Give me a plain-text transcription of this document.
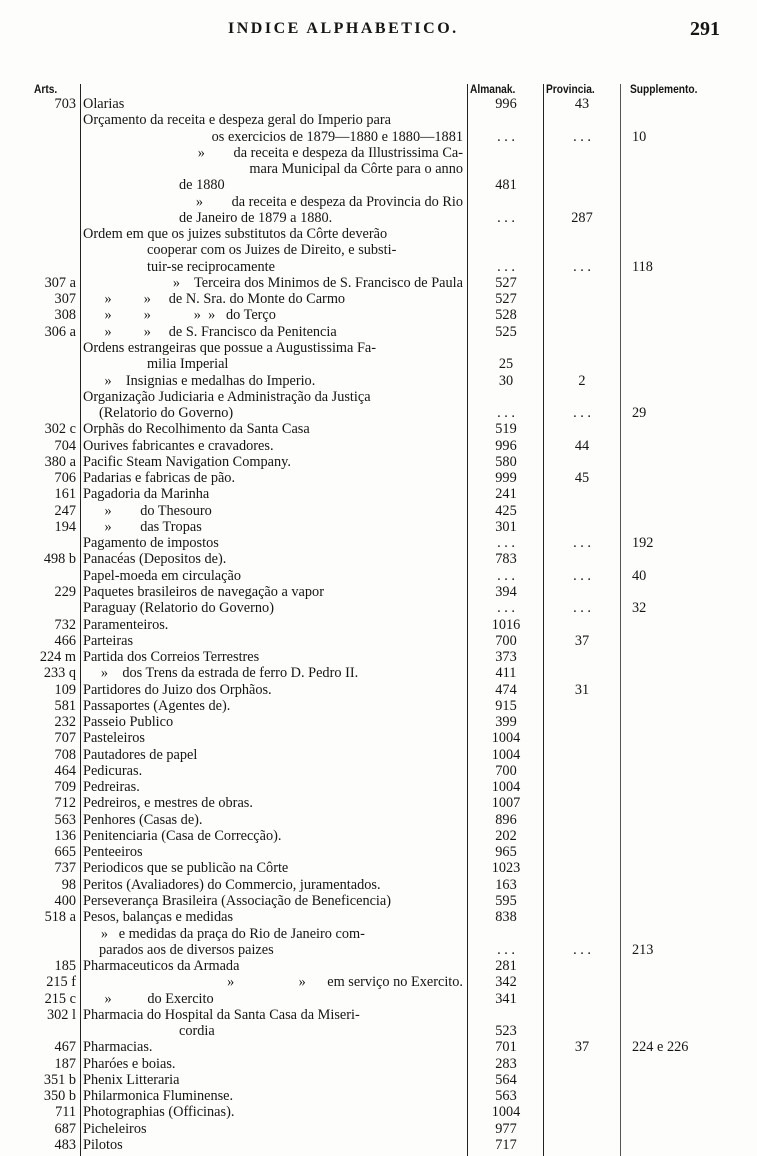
INDICE ALPHABETICO.	291
Arts.	Almanak.	Provincia.	Supplemento.
703 Olarias	996	43
Orçamento da receita e despeza geral do Imperio para
os exercicios de 1879—1880 e 1880—1881	. . .	. . .	10
»        da receita e despeza da Illustrissima Ca-
mara Municipal da Côrte para o anno
de 1880	481
»        da receita e despeza da Provincia do Rio
de Janeiro de 1879 a 1880.	. . .	287
Ordem em que os juizes substitutos da Côrte deverão
cooperar com os Juizes de Direito, e substi-
tuir-se reciprocamente	. . .	. . .	118
307 a	»    Terceira dos Minimos de S. Francisco de Paula	527
307 »         »     de N. Sra. do Monte do Carmo	527
308 »         »            »  »   do Terço	528
306 a »         »     de S. Francisco da Penitencia	525
Ordens estrangeiras que possue a Augustissima Fa-
milia Imperial	25
»    Insignias e medalhas do Imperio.	30	2
Organização Judiciaria e Administração da Justiça
(Relatorio do Governo)	. . .	. . .	29
302 c Orphãs do Recolhimento da Santa Casa	519
704 Ourives fabricantes e cravadores.	996	44
380 a Pacific Steam Navigation Company.	580
706 Padarias e fabricas de pão.	999	45
161 Pagadoria da Marinha	241
247 »        do Thesouro	425
194 »        das Tropas	301
Pagamento de impostos	. . .	. . .	192
498 b Panacéas (Depositos de).	783
Papel-moeda em circulação	. . .	. . .	40
229 Paquetes brasileiros de navegação a vapor	394
Paraguay (Relatorio do Governo)	. . .	. . .	32
732 Paramenteiros.	1016
466 Parteiras	700	37
224 m Partida dos Correios Terrestres	373
233 q »    dos Trens da estrada de ferro D. Pedro II.	411
109 Partidores do Juizo dos Orphãos.	474	31
581 Passaportes (Agentes de).	915
232 Passeio Publico	399
707 Pasteleiros	1004
708 Pautadores de papel	1004
464 Pedicuras.	700
709 Pedreiras.	1004
712 Pedreiros, e mestres de obras.	1007
563 Penhores (Casas de).	896
136 Penitenciaria (Casa de Correcção).	202
665 Penteeiros	965
737 Periodicos que se publicão na Côrte	1023
98 Peritos (Avaliadores) do Commercio, juramentados.	163
400 Perseverança Brasileira (Associação de Beneficencia)	595
518 a Pesos, balanças e medidas	838
»   e medidas da praça do Rio de Janeiro com-
parados aos de diversos paizes	. . .	. . .	213
185 Pharmaceuticos da Armada	281
215 f	»                  »      em serviço no Exercito.	342
215 c »          do Exercito	341
302 l Pharmacia do Hospital da Santa Casa da Miseri-
cordia	523
467 Pharmacias.	701	37	224 e 226
187 Pharóes e boias.	283
351 b Phenix Litteraria	564
350 b Philarmonica Fluminense.	563
711 Photographias (Officinas).	1004
687 Picheleiros	977
483 Pilotos	717
